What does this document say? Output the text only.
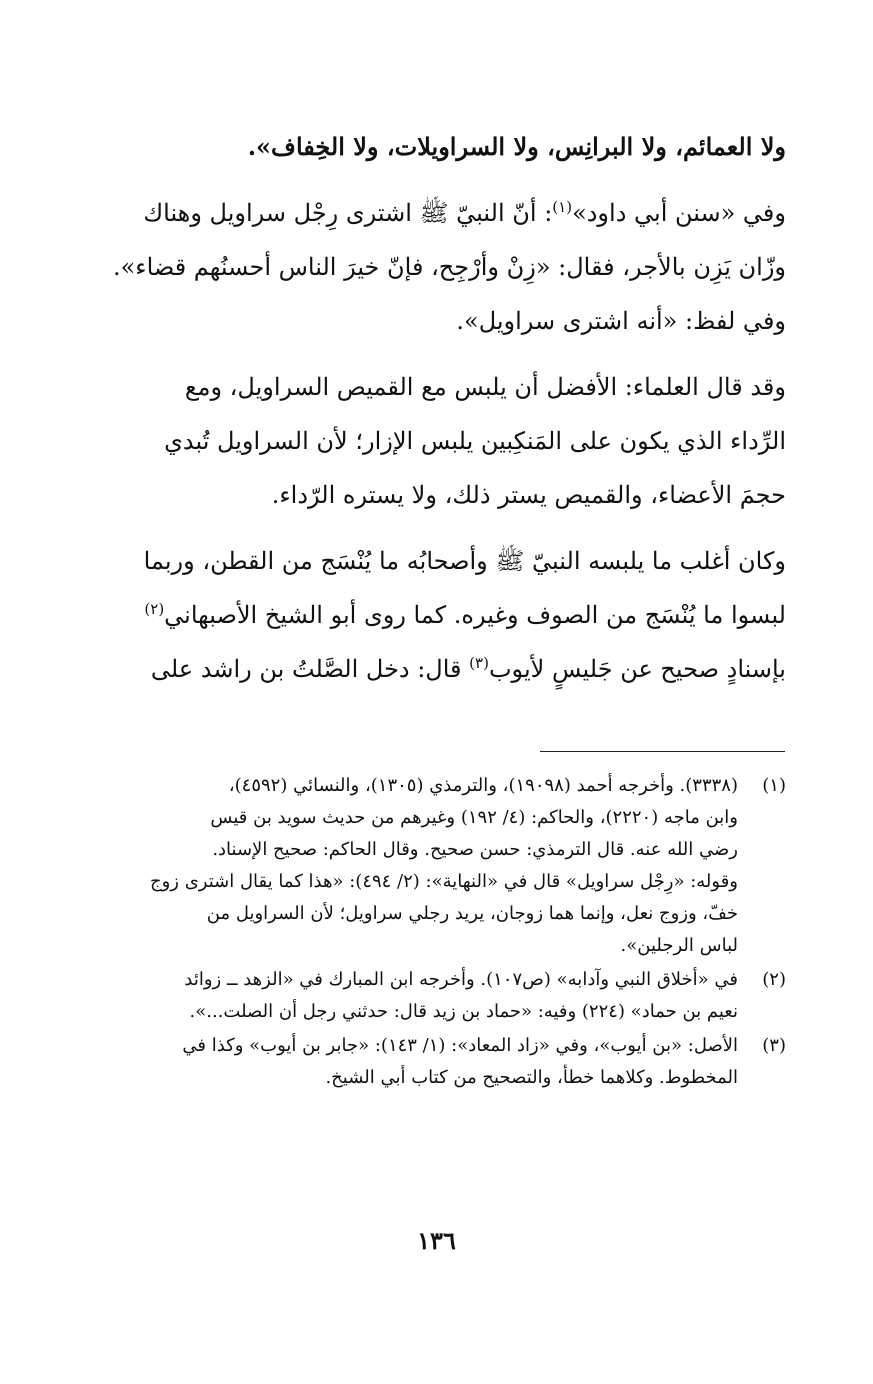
ولا العمائم، ولا البرانِس، ولا السراويلات، ولا الخِفاف».

وفي «سنن أبي داود»$^{(١)}$: أنّ النبيّ ﷺ اشترى رِجْل سراويل وهناك
وزّان يَزِن بالأجر، فقال: «زِنْ وأرْجِح، فإنّ خيرَ الناس أحسنُهم قضاء».
وفي لفظ: «أنه اشترى سراويل».

وقد قال العلماء: الأفضل أن يلبس مع القميص السراويل، ومع
الرِّداء الذي يكون على المَنكِبين يلبس الإزار؛ لأن السراويل تُبدي
حجمَ الأعضاء، والقميص يستر ذلك، ولا يستره الرّداء.

وكان أغلب ما يلبسه النبيّ ﷺ وأصحابُه ما يُنْسَج من القطن، وربما
لبسوا ما يُنْسَج من الصوف وغيره. كما روى أبو الشيخ الأصبهاني$^{(٢)}$
بإسنادٍ صحيح عن جَليسٍ لأيوب$^{(٣)}$ قال: دخل الصَّلتُ بن راشد على

(١)
(٣٣٣٨). وأخرجه أحمد (١٩٠٩٨)، والترمذي (١٣٠٥)، والنسائي (٤٥٩٢)،
وابن ماجه (٢٢٢٠)، والحاكم: (٤/ ١٩٢) وغيرهم من حديث سويد بن قيس
رضي الله عنه. قال الترمذي: حسن صحيح. وقال الحاكم: صحيح الإسناد.
وقوله: «رِجْل سراويل» قال في «النهاية»: (٢/ ٤٩٤): «هذا كما يقال اشترى زوج
خفّ، وزوج نعل، وإنما هما زوجان، يريد رجلي سراويل؛ لأن السراويل من
لباس الرجلين».
(٢)
في «أخلاق النبي وآدابه» (ص١٠٧). وأخرجه ابن المبارك في «الزهد ــ زوائد
نعيم بن حماد» (٢٢٤) وفيه: «حماد بن زيد قال: حدثني رجل أن الصلت...».
(٣)
الأصل: «بن أيوب»، وفي «زاد المعاد»: (١/ ١٤٣): «جابر بن أيوب» وكذا في
المخطوط. وكلاهما خطأ، والتصحيح من كتاب أبي الشيخ.
١٣٦
